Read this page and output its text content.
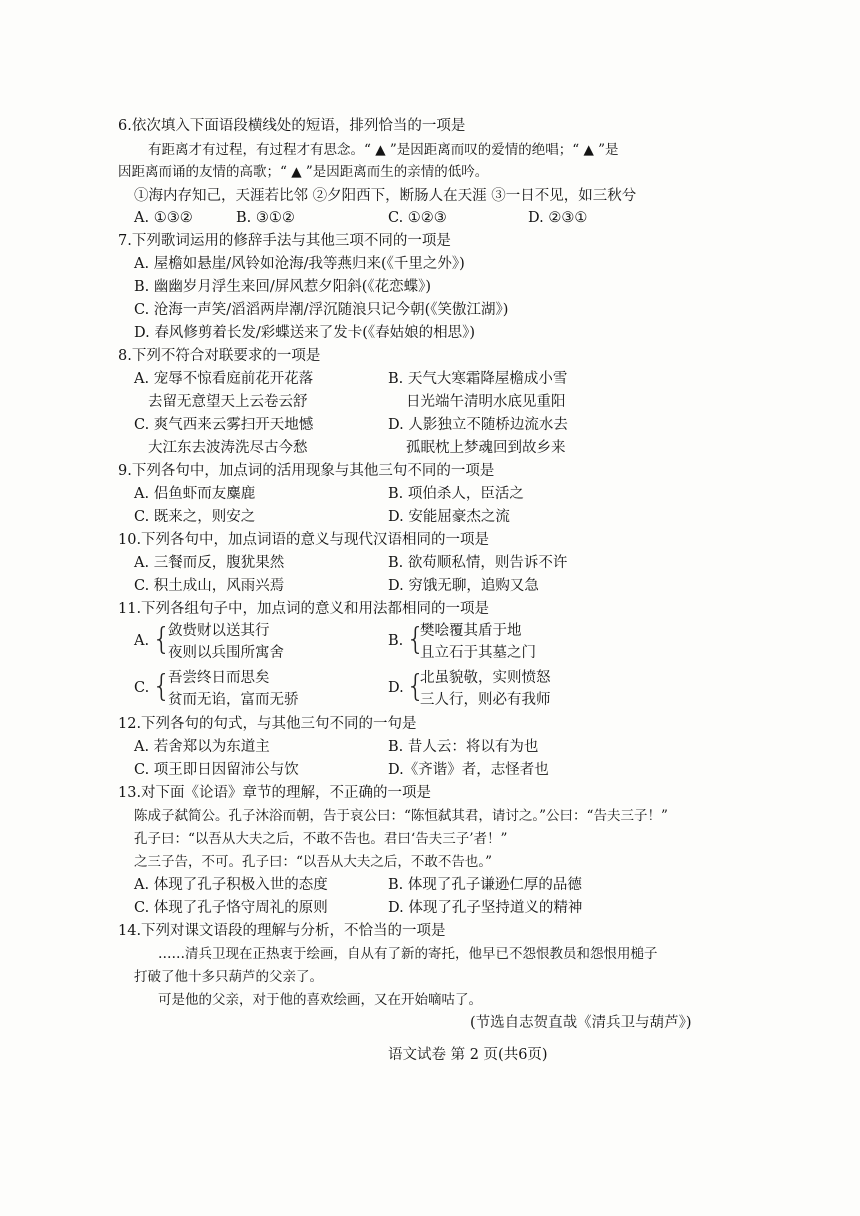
6.依次填入下面语段横线处的短语，排列恰当的一项是
有距离才有过程，有过程才有思念。“ ▲ ”是因距离而叹的爱情的绝唱；“ ▲ ”是
因距离而诵的友情的高歌；“ ▲ ”是因距离而生的亲情的低吟。
①海内存知己，天涯若比邻 ②夕阳西下，断肠人在天涯 ③一日不见，如三秋兮
A. ①③②	B. ③①②	C. ①②③	D. ②③①
7.下列歌词运用的修辞手法与其他三项不同的一项是
A. 屋檐如悬崖/风铃如沧海/我等燕归来(《千里之外》)
B. 幽幽岁月浮生来回/屏风惹夕阳斜(《花恋蝶》)
C. 沧海一声笑/滔滔两岸潮/浮沉随浪只记今朝(《笑傲江湖》)
D. 春风修剪着长发/彩蝶送来了发卡(《春姑娘的相思》)
8.下列不符合对联要求的一项是
A. 宠辱不惊看庭前花开花落
去留无意望天上云卷云舒
B. 天气大寒霜降屋檐成小雪
日光端午清明水底见重阳
C. 爽气西来云雾扫开天地憾
大江东去波涛洗尽古今愁
D. 人影独立不随桥边流水去
孤眠枕上梦魂回到故乡来
9.下列各句中，加点词的活用现象与其他三句不同的一项是
A. 侣鱼虾而友麋鹿	B. 项伯杀人，臣活之
C. 既来之，则安之	D. 安能屈豪杰之流
10.下列各句中，加点词语的意义与现代汉语相同的一项是
A. 三餐而反，腹犹果然	B. 欲苟顺私情，则告诉不许
C. 积土成山，风雨兴焉	D. 穷饿无聊，追购又急
11.下列各组句子中，加点词的意义和用法都相同的一项是
A. {
敛赀财以送其行
夜则以兵围所寓舍
B. {
樊哙覆其盾于地
且立石于其墓之门
C. {
吾尝终日而思矣
贫而无谄，富而无骄
D. {
北虽貌敬，实则愤怒
三人行，则必有我师
12.下列各句的句式，与其他三句不同的一句是
A. 若舍郑以为东道主	B. 昔人云：将以有为也
C. 项王即日因留沛公与饮	D.《齐谐》者，志怪者也
13.对下面《论语》章节的理解，不正确的一项是
陈成子弑简公。孔子沐浴而朝，告于哀公曰：“陈恒弑其君，请讨之。”公曰：“告夫三子！”
孔子曰：“以吾从大夫之后，不敢不告也。君曰‘告夫三子’者！”
之三子告，不可。孔子曰：“以吾从大夫之后，不敢不告也。”
A. 体现了孔子积极入世的态度	B. 体现了孔子谦逊仁厚的品德
C. 体现了孔子恪守周礼的原则	D. 体现了孔子坚持道义的精神
14.下列对课文语段的理解与分析，不恰当的一项是
……清兵卫现在正热衷于绘画，自从有了新的寄托，他早已不怨恨教员和怨恨用槌子
打破了他十多只葫芦的父亲了。
可是他的父亲，对于他的喜欢绘画，又在开始嘀咕了。
(节选自志贺直哉《清兵卫与葫芦》)
语文试卷 第 2 页(共6页)
